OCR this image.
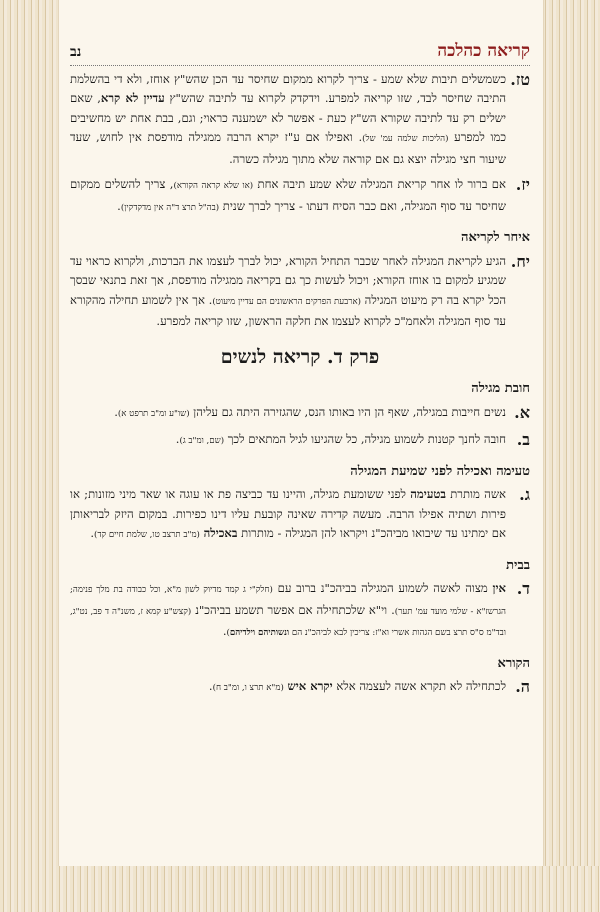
קריאה כהלכה
נב
טז.
כשמשלים תיבות שלא שמע - צריך לקרוא ממקום שחיסר עד הכן שהש"ץ אוחז, ולא די בהשלמת התיבה שחיסר לבד, שזו קריאה למפרע. וידקדק לקרוא עד לתיבה שהש"ץ עדיין לא קרא, שאם ישלים רק עד לתיבה שקורא הש"ץ כעת - אפשר לא ישמענה כראוי; וגם, בבת אחת יש מחשיבים כמו למפרע (הליכות שלמה עמ' של). ואפילו אם ע"ז יקרא הרבה ממגילה מודפסת אין לחוש, שעד שיעור חצי מגילה יוצא גם אם קוראה שלא מתוך מגילה כשרה.
יז.
אם ברור לו אחר קריאת המגילה שלא שמע תיבה אחת (או שלא קראה הקורא), צריך להשלים ממקום שחיסר עד סוף המגילה, ואם כבר הסיח דעתו - צריך לברך שנית (בה"ל תרצ ד"ה אין מדקדקין).
איחר לקריאה
יח.
הגיע לקריאת המגילה לאחר שכבר התחיל הקורא, יכול לברך לעצמו את הברכות, ולקרוא כראוי עד שמגיע למקום בו אוחז הקורא; ויכול לעשות כך גם בקריאה ממגילה מודפסת, אך זאת בתנאי שבסך הכל יקרא בה רק מיעוט המגילה (ארבעת הפרקים הראשונים הם עדיין מיעוט). אך אין לשמוע תחילה מהקורא עד סוף המגילה ולאחמ"כ לקרוא לעצמו את חלקה הראשון, שזו קריאה למפרע.
פרק ד. קריאה לנשים
חובת מגילה
א.
נשים חייבות במגילה, שאף הן היו באותו הנס, שהגזירה היתה גם עליהן (שו"ע ומ"ב תרפט א).
ב.
חובה לחנך קטנות לשמוע מגילה, כל שהגיעו לגיל המתאים לכך (שם, ומ"ב ג).
טעימה ואכילה לפני שמיעת המגילה
ג.
אשה מותרת בטעימה לפני ששומעת מגילה, והיינו עד כביצה פת או עוגה או שאר מיני מזונות; או פירות ושתיה אפילו הרבה. מעשה קדירה שאינה קובעת עליו דינו כפירות. במקום היזק לבריאותן אם ימתינו עד שיבואו מביהכ"נ ויקראו להן המגילה - מותרות באכילה (מ"ב תרצב טו, שלמת חיים קד).
בבית
ד.
אין מצוה לאשה לשמוע המגילה בביהכ"נ ברוב עם (חלק"י ג קמד מדיוק לשון מ"א, וכל כבודה בת מלך פנימה; הגרשז"א - שלמי מועד עמ' תער). וי"א שלכתחילה אם אפשר תשמע בביהכ"נ (קצש"ע קמא ז, משנ"ה ד פב, נט"ג, ובד"מ ס"ס תרצ בשם הגהות אשרי וא"ז: צריכין לבא לביהכ"נ הם ונשותיהם וילדיהם).
הקורא
ה.
לכתחילה לא תקרא אשה לעצמה אלא יקרא איש (מ"א תרצ ו, ומ"ב ח).
